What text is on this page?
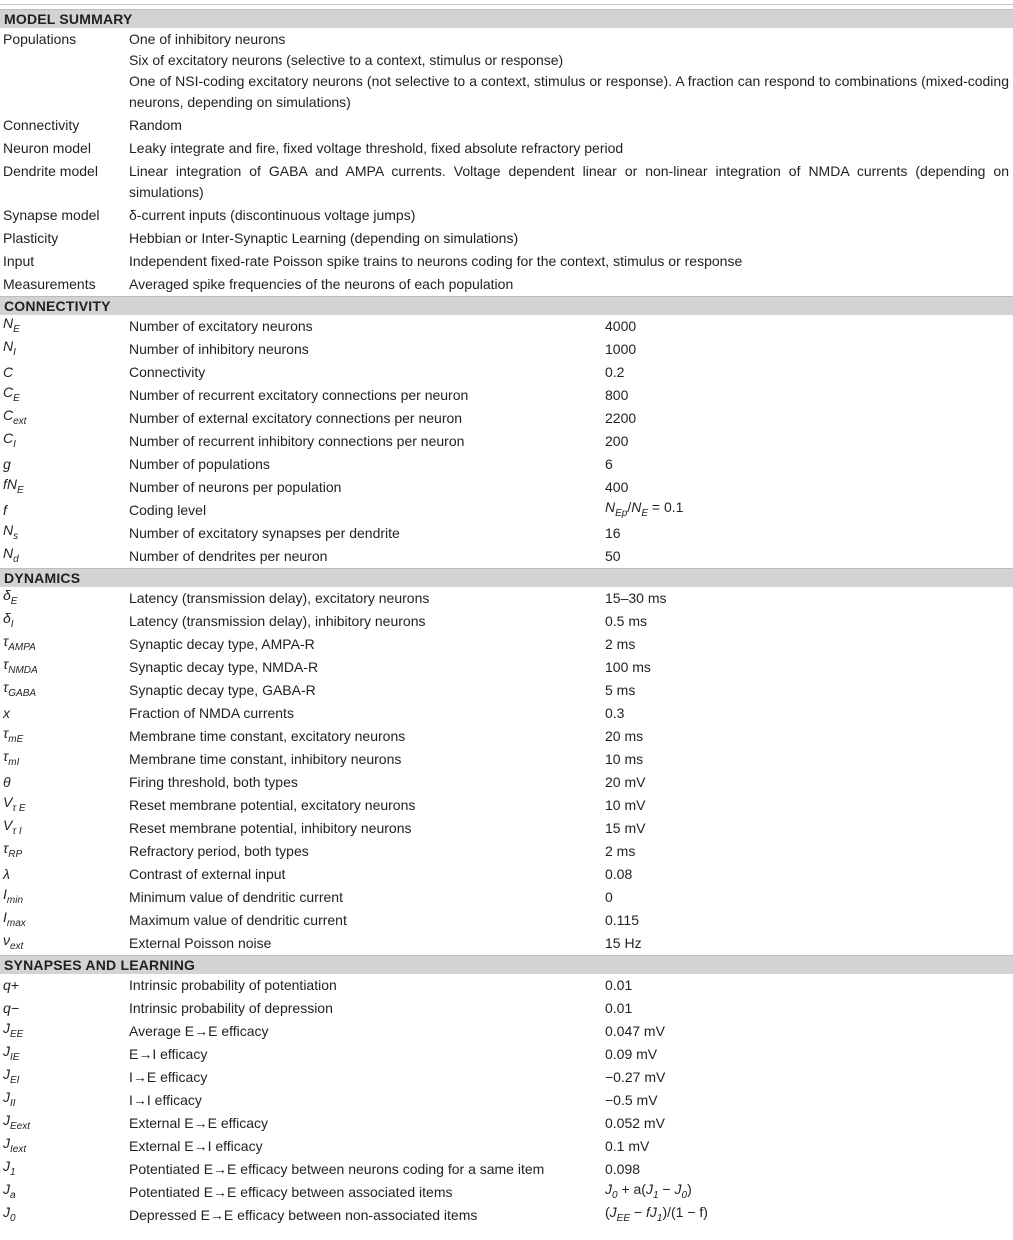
MODEL SUMMARY
Populations	One of inhibitory neurons
Six of excitatory neurons (selective to a context, stimulus or response)
One of NSI-coding excitatory neurons (not selective to a context, stimulus or response). A fraction can respond to combinations (mixed-coding neurons, depending on simulations)
Connectivity	Random
Neuron model	Leaky integrate and fire, fixed voltage threshold, fixed absolute refractory period
Dendrite model	Linear integration of GABA and AMPA currents. Voltage dependent linear or non-linear integration of NMDA currents (depending on simulations)
Synapse model	δ-current inputs (discontinuous voltage jumps)
Plasticity	Hebbian or Inter-Synaptic Learning (depending on simulations)
Input	Independent fixed-rate Poisson spike trains to neurons coding for the context, stimulus or response
Measurements	Averaged spike frequencies of the neurons of each population
CONNECTIVITY
$N_E$	Number of excitatory neurons	4000
$N_I$	Number of inhibitory neurons	1000
C	Connectivity	0.2
$C_E$	Number of recurrent excitatory connections per neuron	800
$C_{ext}$	Number of external excitatory connections per neuron	2200
$C_I$	Number of recurrent inhibitory connections per neuron	200
g	Number of populations	6
$fN_E$	Number of neurons per population	400
f	Coding level	$N_{Ep}/N_E = 0.1$
$N_s$	Number of excitatory synapses per dendrite	16
$N_d$	Number of dendrites per neuron	50
DYNAMICS
$\delta_E$	Latency (transmission delay), excitatory neurons	15–30 ms
$\delta_I$	Latency (transmission delay), inhibitory neurons	0.5 ms
$\tau_{AMPA}$	Synaptic decay type, AMPA-R	2 ms
$\tau_{NMDA}$	Synaptic decay type, NMDA-R	100 ms
$\tau_{GABA}$	Synaptic decay type, GABA-R	5 ms
x	Fraction of NMDA currents	0.3
$\tau_{mE}$	Membrane time constant, excitatory neurons	20 ms
$\tau_{mI}$	Membrane time constant, inhibitory neurons	10 ms
θ	Firing threshold, both types	20 mV
$V_{\tau E}$	Reset membrane potential, excitatory neurons	10 mV
$V_{\tau I}$	Reset membrane potential, inhibitory neurons	15 mV
$\tau_{RP}$	Refractory period, both types	2 ms
λ	Contrast of external input	0.08
$I_{min}$	Minimum value of dendritic current	0
$I_{max}$	Maximum value of dendritic current	0.115
$\nu_{ext}$	External Poisson noise	15 Hz
SYNAPSES AND LEARNING
q+	Intrinsic probability of potentiation	0.01
q−	Intrinsic probability of depression	0.01
$J_{EE}$	Average E→E efficacy	0.047 mV
$J_{IE}$	E→I efficacy	0.09 mV
$J_{EI}$	I→E efficacy	−0.27 mV
$J_{II}$	I→I efficacy	−0.5 mV
$J_{Eext}$	External E→E efficacy	0.052 mV
$J_{Iext}$	External E→I efficacy	0.1 mV
$J_1$	Potentiated E→E efficacy between neurons coding for a same item	0.098
$J_a$	Potentiated E→E efficacy between associated items	$J_0 + a(J_1 - J_0)$
$J_0$	Depressed E→E efficacy between non-associated items	$(J_{EE} - fJ_1)/(1 - f)$
